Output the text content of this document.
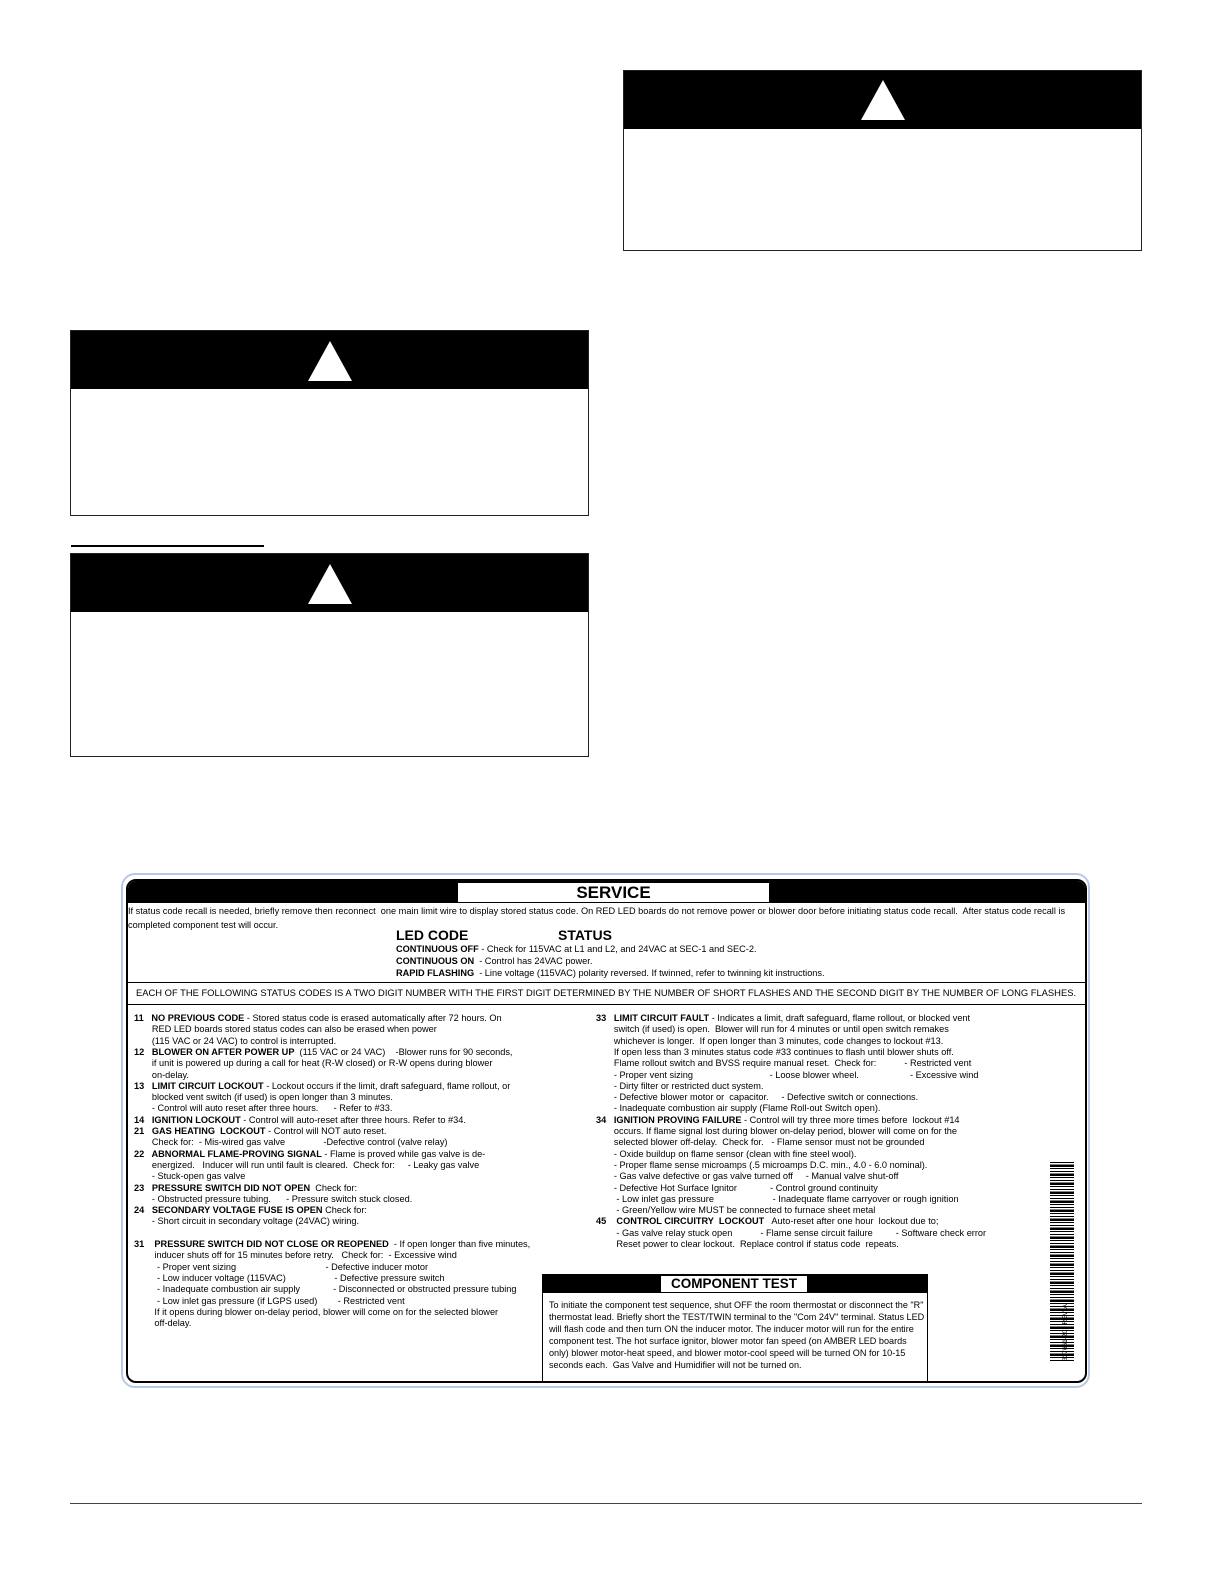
SERVICE
If status code recall is needed, briefly remove then reconnect  one main limit wire to display stored status code. On RED LED boards do not remove power or blower door before initiating status code recall.  After status code recall is
completed component test will occur.
LED CODE	STATUS
CONTINUOUS OFF - Check for 115VAC at L1 and L2, and 24VAC at SEC-1 and SEC-2.
CONTINUOUS ON  - Control has 24VAC power.
RAPID FLASHING  - Line voltage (115VAC) polarity reversed. If twinned, refer to twinning kit instructions.
EACH OF THE FOLLOWING STATUS CODES IS A TWO DIGIT NUMBER WITH THE FIRST DIGIT DETERMINED BY THE NUMBER OF SHORT FLASHES AND THE SECOND DIGIT BY THE NUMBER OF LONG FLASHES.
11   NO PREVIOUS CODE - Stored status code is erased automatically after 72 hours. On
RED LED boards stored status codes can also be erased when power
(115 VAC or 24 VAC) to control is interrupted.
12   BLOWER ON AFTER POWER UP  (115 VAC or 24 VAC)    -Blower runs for 90 seconds,
if unit is powered up during a call for heat (R-W closed) or R-W opens during blower
on-delay.
13   LIMIT CIRCUIT LOCKOUT - Lockout occurs if the limit, draft safeguard, flame rollout, or
blocked vent switch (if used) is open longer than 3 minutes.
- Control will auto reset after three hours.      - Refer to #33.
14   IGNITION LOCKOUT - Control will auto-reset after three hours. Refer to #34.
21   GAS HEATING  LOCKOUT - Control will NOT auto reset.
Check for:  - Mis-wired gas valve               -Defective control (valve relay)
22   ABNORMAL FLAME-PROVING SIGNAL - Flame is proved while gas valve is de-
energized.   Inducer will run until fault is cleared.  Check for:     - Leaky gas valve
- Stuck-open gas valve
23   PRESSURE SWITCH DID NOT OPEN  Check for:
- Obstructed pressure tubing.      - Pressure switch stuck closed.
24   SECONDARY VOLTAGE FUSE IS OPEN Check for:
- Short circuit in secondary voltage (24VAC) wiring.
31    PRESSURE SWITCH DID NOT CLOSE OR REOPENED  - If open longer than five minutes,
inducer shuts off for 15 minutes before retry.   Check for:  - Excessive wind
- Proper vent sizing                                   - Defective inducer motor
- Low inducer voltage (115VAC)                   - Defective pressure switch
- Inadequate combustion air supply             - Disconnected or obstructed pressure tubing
- Low inlet gas pressure (if LGPS used)        - Restricted vent
If it opens during blower on-delay period, blower will come on for the selected blower
off-delay.
33   LIMIT CIRCUIT FAULT - Indicates a limit, draft safeguard, flame rollout, or blocked vent
switch (if used) is open.  Blower will run for 4 minutes or until open switch remakes
whichever is longer.  If open longer than 3 minutes, code changes to lockout #13.
If open less than 3 minutes status code #33 continues to flash until blower shuts off.
Flame rollout switch and BVSS require manual reset.  Check for:           - Restricted vent
- Proper vent sizing                              - Loose blower wheel.                    - Excessive wind
- Dirty filter or restricted duct system.
- Defective blower motor or  capacitor.     - Defective switch or connections.
- Inadequate combustion air supply (Flame Roll-out Switch open).
34   IGNITION PROVING FAILURE - Control will try three more times before  lockout #14
occurs. If flame signal lost during blower on-delay period, blower will come on for the
selected blower off-delay.  Check for.   - Flame sensor must not be grounded
- Oxide buildup on flame sensor (clean with fine steel wool).
- Proper flame sense microamps (.5 microamps D.C. min., 4.0 - 6.0 nominal).
- Gas valve defective or gas valve turned off     - Manual valve shut-off
- Defective Hot Surface Ignitor             - Control ground continuity
- Low inlet gas pressure                       - Inadequate flame carryover or rough ignition
- Green/Yellow wire MUST be connected to furnace sheet metal
45    CONTROL CIRCUITRY  LOCKOUT   Auto-reset after one hour  lockout due to;
- Gas valve relay stuck open           - Flame sense circuit failure         - Software check error
Reset power to clear lockout.  Replace control if status code  repeats.
COMPONENT TEST
To initiate the component test sequence, shut OFF the room thermostat or disconnect the "R"
thermostat lead. Briefly short the TEST/TWIN terminal to the "Com 24V" terminal. Status LED
will flash code and then turn ON the inducer motor. The inducer motor will run for the entire
component test. The hot surface ignitor, blower motor fan speed (on AMBER LED boards
only) blower motor-heat speed, and blower motor-cool speed will be turned ON for 10-15
seconds each.  Gas Valve and Humidifier will not be turned on.
337661-201 REV. A
